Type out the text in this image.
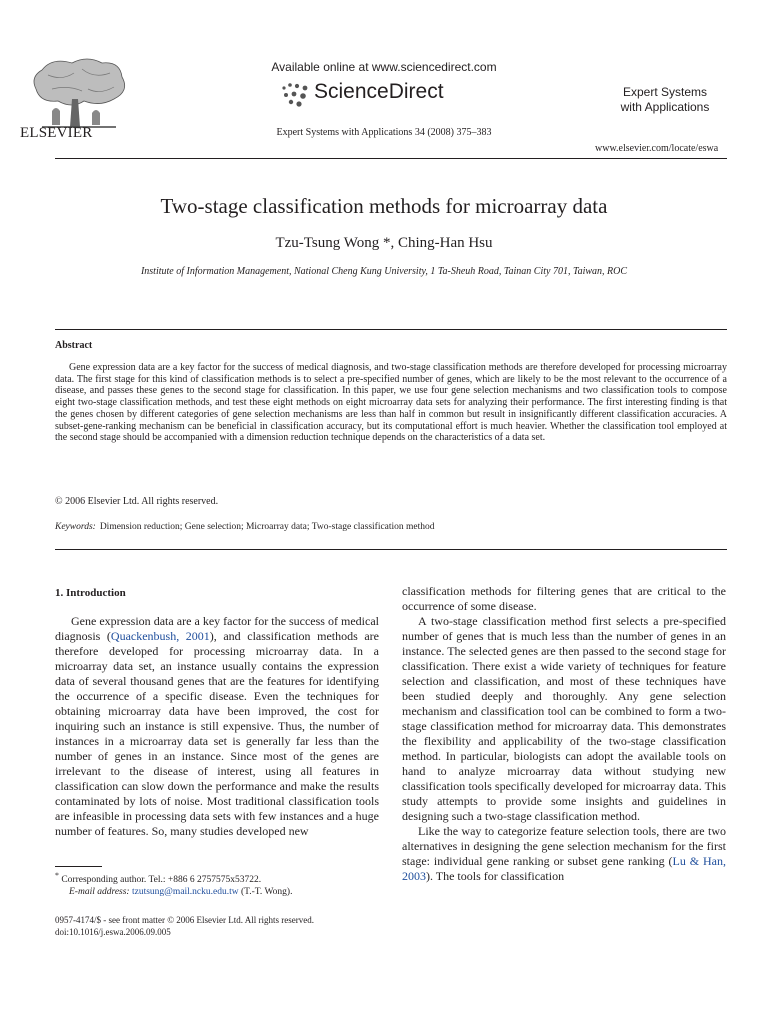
ELSEVIER
Available online at www.sciencedirect.com
ScienceDirect	Expert Systems
with Applications
Expert Systems with Applications 34 (2008) 375–383
www.elsevier.com/locate/eswa
Two-stage classification methods for microarray data
Tzu-Tsung Wong *, Ching-Han Hsu
Institute of Information Management, National Cheng Kung University, 1 Ta-Sheuh Road, Tainan City 701, Taiwan, ROC
Abstract

Gene expression data are a key factor for the success of medical diagnosis, and two-stage classification methods are therefore developed for processing microarray data. The first stage for this kind of classification methods is to select a pre-specified number of genes, which are likely to be the most relevant to the occurrence of a disease, and passes these genes to the second stage for classification. In this paper, we use four gene selection mechanisms and two classification tools to compose eight two-stage classification methods, and test these eight methods on eight microarray data sets for analyzing their performance. The first interesting finding is that the genes chosen by different categories of gene selection mechanisms are less than half in common but result in insignificantly different classification accuracies. A subset-gene-ranking mechanism can be beneficial in classification accuracy, but its computational effort is much heavier. Whether the classification tool employed at the second stage should be accompanied with a dimension reduction technique depends on the characteristics of a data set.

© 2006 Elsevier Ltd. All rights reserved.
Keywords: Dimension reduction; Gene selection; Microarray data; Two-stage classification method
1. Introduction

Gene expression data are a key factor for the success of medical diagnosis (Quackenbush, 2001), and classification methods are therefore developed for processing microarray data. In a microarray data set, an instance usually contains the expression data of several thousand genes that are the features for identifying the occurrence of a specific disease. Even the techniques for obtaining microarray data have been improved, the cost for inquiring such an instance is still expensive. Thus, the number of instances in a microarray data set is generally far less than the number of genes in an instance. Since most of the genes are irrelevant to the disease of interest, using all features in classification can slow down the performance and make the results contaminated by lots of noise. Most traditional classification tools are infeasible in processing data sets with few instances and a huge number of features. So, many studies developed new

classification methods for filtering genes that are critical to the occurrence of some disease.

A two-stage classification method first selects a pre-specified number of genes that is much less than the number of genes in an instance. The selected genes are then passed to the second stage for classification. There exist a wide variety of techniques for feature selection and classification, and most of these techniques have been studied deeply and thoroughly. Any gene selection mechanism and classification tool can be combined to form a two-stage classification method for microarray data. This demonstrates the flexibility and applicability of the two-stage classification method. In particular, biologists can adopt the available tools on hand to analyze microarray data without studying new classification tools specifically developed for microarray data. This study attempts to provide some insights and guidelines in designing such a two-stage classification method.

Like the way to categorize feature selection tools, there are two alternatives in designing the gene selection mechanism for the first stage: individual gene ranking or subset gene ranking (Lu & Han, 2003). The tools for classification

* Corresponding author. Tel.: +886 6 2757575x53722.
E-mail address: tzutsung@mail.ncku.edu.tw (T.-T. Wong).
0957-4174/$ - see front matter © 2006 Elsevier Ltd. All rights reserved.
doi:10.1016/j.eswa.2006.09.005
